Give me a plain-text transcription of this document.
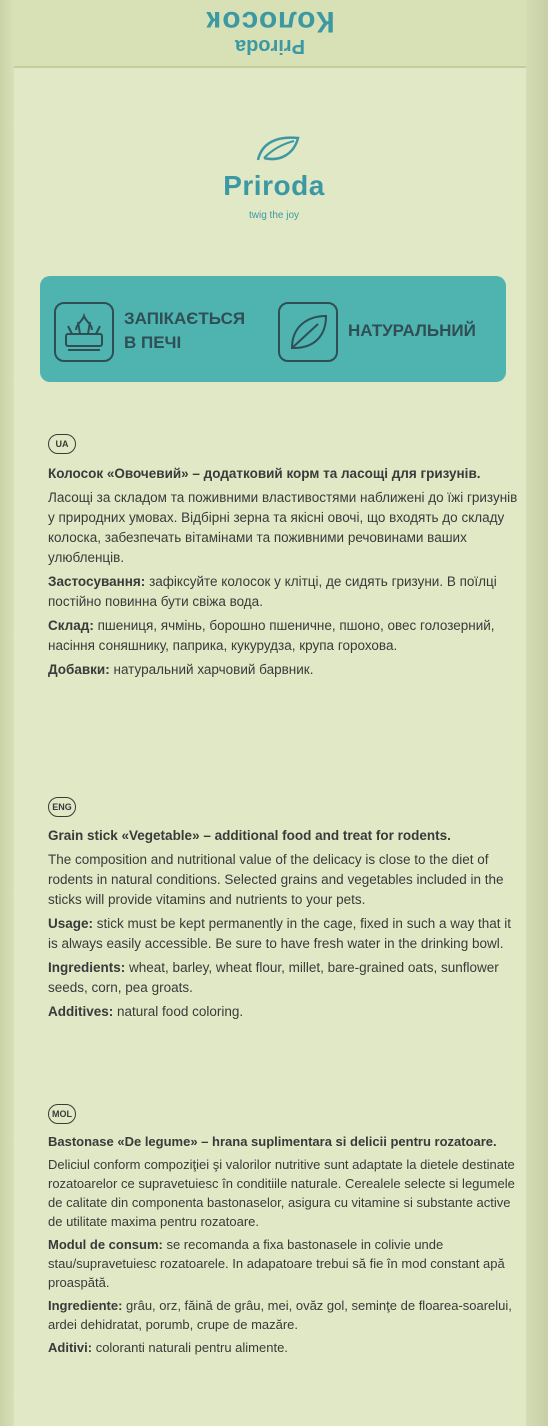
Колосок
Priroda
Priroda
twig the joy
ЗАПІКАЄТЬСЯ
В ПЕЧІ
НАТУРАЛЬНИЙ
UA

Колосок «Овочевий» – додатковий корм та ласощі для гризунів.

Ласощі за складом та поживними властивостями наближені до їжі гризунів у природних умовах. Відбірні зерна та якісні овочі, що входять до складу колоска, забезпечать вітамінами та поживними речовинами ваших улюбленців.

Застосування: зафіксуйте колосок у клітці, де сидять гризуни. В поїлці постійно повинна бути свіжа вода.

Склад: пшениця, ячмінь, борошно пшеничне, пшоно, овес голозерний, насіння соняшнику, паприка, кукурудза, крупа горохова.

Добавки: натуральний харчовий барвник.

ENG

Grain stick «Vegetable» – additional food and treat for rodents.

The composition and nutritional value of the delicacy is close to the diet of rodents in natural conditions. Selected grains and vegetables included in the sticks will provide vitamins and nutrients to your pets.

Usage: stick must be kept permanently in the cage, fixed in such a way that it is always easily accessible. Be sure to have fresh water in the drinking bowl.

Ingredients: wheat, barley, wheat flour, millet, bare-grained oats, sunflower seeds, corn, pea groats.

Additives: natural food coloring.

MOL

Bastonase «De legume» – hrana suplimentara si delicii pentru rozatoare.

Deliciul conform compoziţiei şi valorilor nutritive sunt adaptate la dietele destinate rozatoarelor ce supravetuiesc în conditiile naturale. Cerealele selecte si legumele de calitate din componenta bastonaselor, asigura cu vitamine si substante active de utilitate maxima pentru rozatoare.

Modul de consum: se recomanda a fixa bastonasele in colivie unde stau/supravetuiesc rozatoarele. In adapatoare trebui să fie în mod constant apă proaspătă.

Ingrediente: grâu, orz, făină de grâu, mei, ovăz gol, seminţe de floarea-soarelui, ardei dehidratat, porumb, crupe de mazăre.

Aditivi: coloranti naturali pentru alimente.
